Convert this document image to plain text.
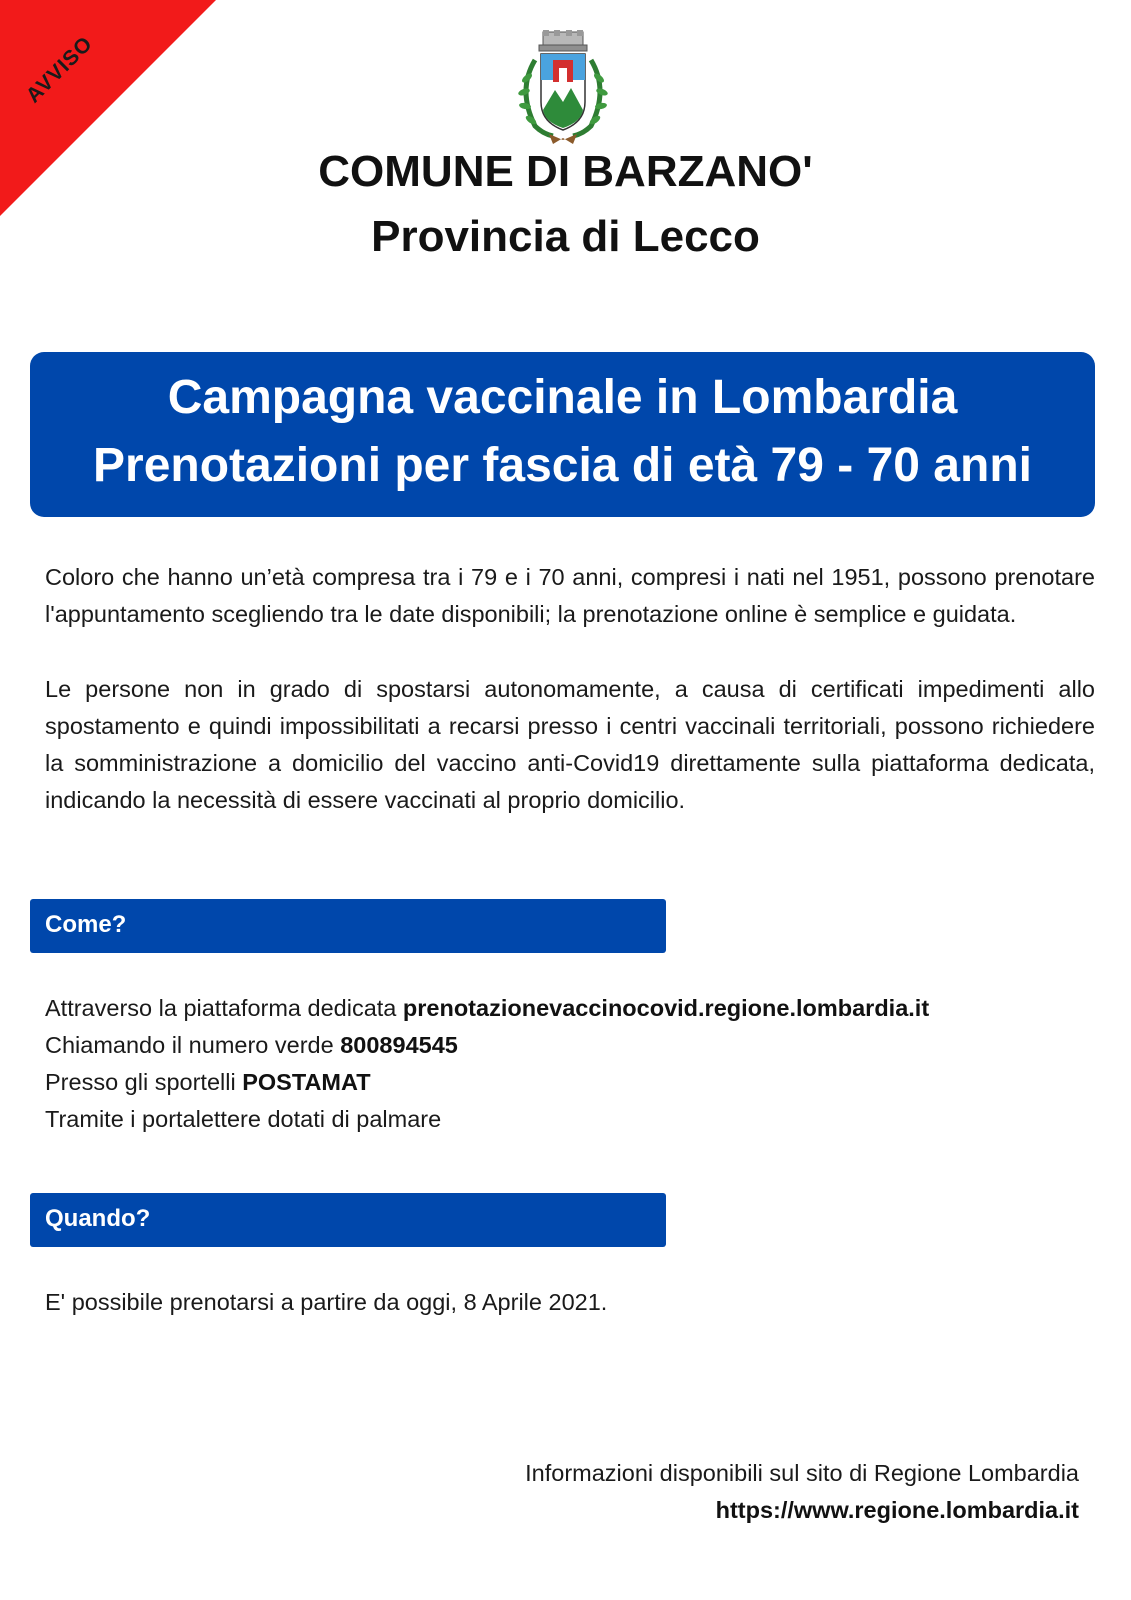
AVVISO
COMUNE DI BARZANO'
Provincia di Lecco
Campagna vaccinale in Lombardia
Prenotazioni per fascia di età 79 - 70 anni

Coloro che hanno un’età compresa tra i 79 e i 70 anni, compresi i nati nel 1951, possono prenotare l'appuntamento scegliendo tra le date disponibili; la prenotazione online è semplice e guidata.

Le persone non in grado di spostarsi autonomamente, a causa di certificati impedimenti allo spostamento e quindi impossibilitati a recarsi presso i centri vaccinali territoriali, possono richiedere la somministrazione a domicilio del vaccino anti-Covid19 direttamente sulla piattaforma dedicata, indicando la necessità di essere vaccinati al proprio domicilio.

Come?
Attraverso la piattaforma dedicata prenotazionevaccinocovid.regione.lombardia.it
Chiamando il numero verde 800894545
Presso gli sportelli POSTAMAT
Tramite i portalettere dotati di palmare
Quando?
E' possibile prenotarsi a partire da oggi, 8 Aprile 2021.
Informazioni disponibili sul sito di Regione Lombardia
https://www.regione.lombardia.it
